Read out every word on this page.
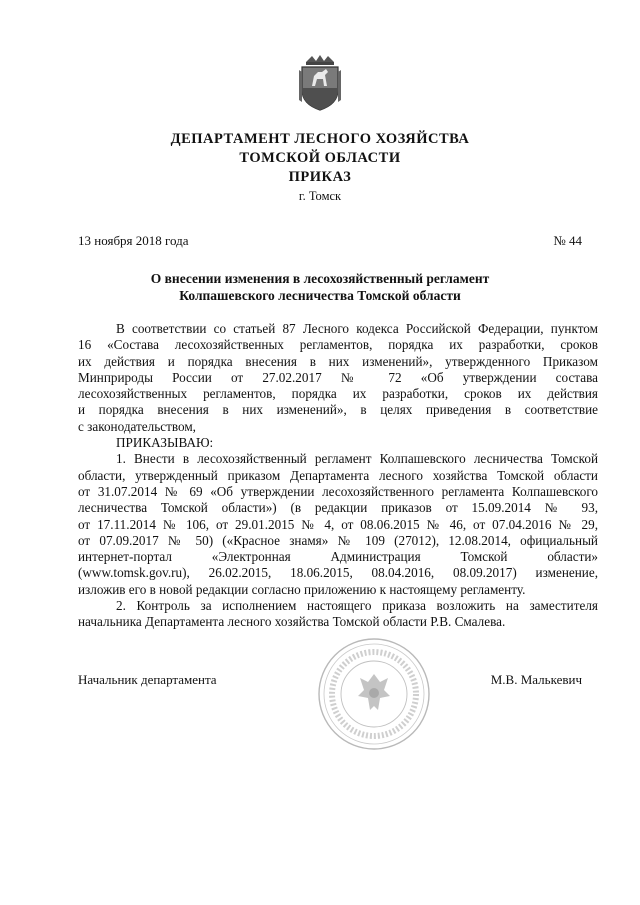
ДЕПАРТАМЕНТ ЛЕСНОГО ХОЗЯЙСТВА
ТОМСКОЙ ОБЛАСТИ
ПРИКАЗ
г. Томск
13 ноября 2018 года	№ 44
О внесении изменения в лесохозяйственный регламент
Колпашевского лесничества Томской области
В соответствии со статьей 87 Лесного кодекса Российской Федерации, пунктом
16 «Состава лесохозяйственных регламентов, порядка их разработки, сроков
их действия и порядка внесения в них изменений», утвержденного Приказом
Минприроды России от 27.02.2017 № 72 «Об утверждении состава
лесохозяйственных регламентов, порядка их разработки, сроков их действия
и порядка внесения в них изменений», в целях приведения в соответствие
с законодательством,
ПРИКАЗЫВАЮ:
1. Внести в лесохозяйственный регламент Колпашевского лесничества Томской
области, утвержденный приказом Департамента лесного хозяйства Томской области
от 31.07.2014 № 69 «Об утверждении лесохозяйственного регламента Колпашевского
лесничества Томской области») (в редакции приказов от 15.09.2014 № 93,
от 17.11.2014 № 106, от 29.01.2015 № 4, от 08.06.2015 № 46, от 07.04.2016 № 29,
от 07.09.2017 № 50) («Красное знамя» № 109 (27012), 12.08.2014, официальный
интернет-портал «Электронная Администрация Томской области»
(www.tomsk.gov.ru), 26.02.2015, 18.06.2015, 08.04.2016, 08.09.2017) изменение,
изложив его в новой редакции согласно приложению к настоящему регламенту.
2. Контроль за исполнением настоящего приказа возложить на заместителя
начальника Департамента лесного хозяйства Томской области Р.В. Смалева.
Начальник департамента	М.В. Малькевич
